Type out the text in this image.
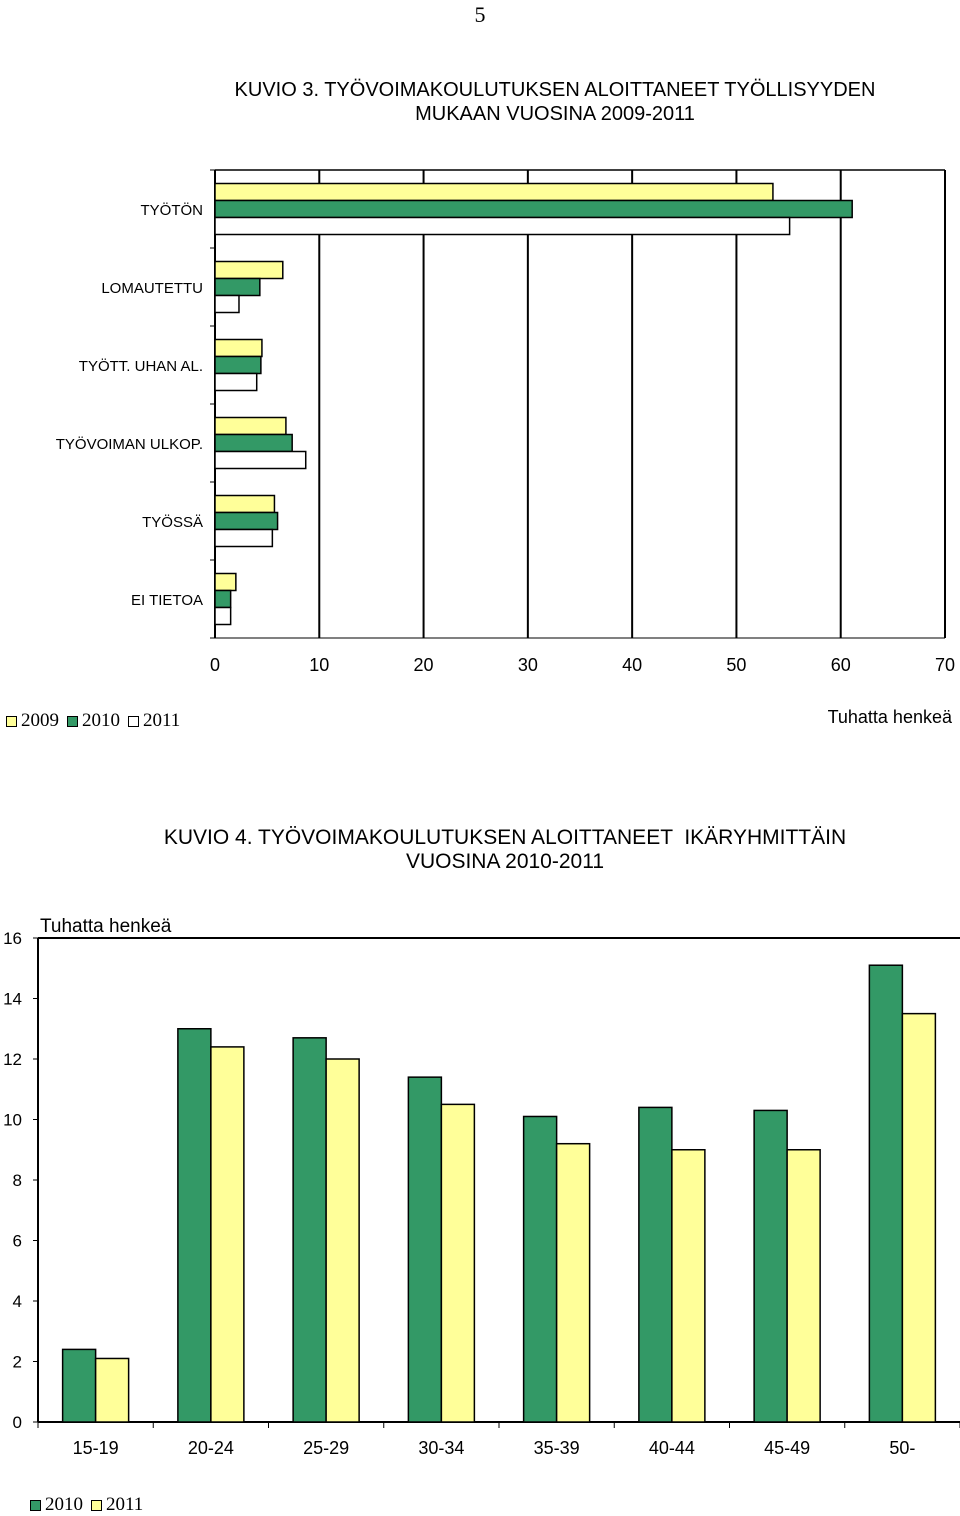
5
KUVIO 3. TYÖVOIMAKOULUTUKSEN ALOITTANEET TYÖLLISYYDEN
MUKAAN VUOSINA 2009-2011
0	10	20	30	40	50	60	70
TYÖTÖN
LOMAUTETTU
TYÖTT. UHAN AL.
TYÖVOIMAN ULKOP.
TYÖSSÄ
EI TIETOA
2009 2010 2011	Tuhatta henkeä
KUVIO 4. TYÖVOIMAKOULUTUKSEN ALOITTANEET  IKÄRYHMITTÄIN
VUOSINA 2010-2011
0
2
4
6
8
10
12
14
16
Tuhatta henkeä
15-19	20-24	25-29	30-34	35-39	40-44	45-49	50-
2010 2011
